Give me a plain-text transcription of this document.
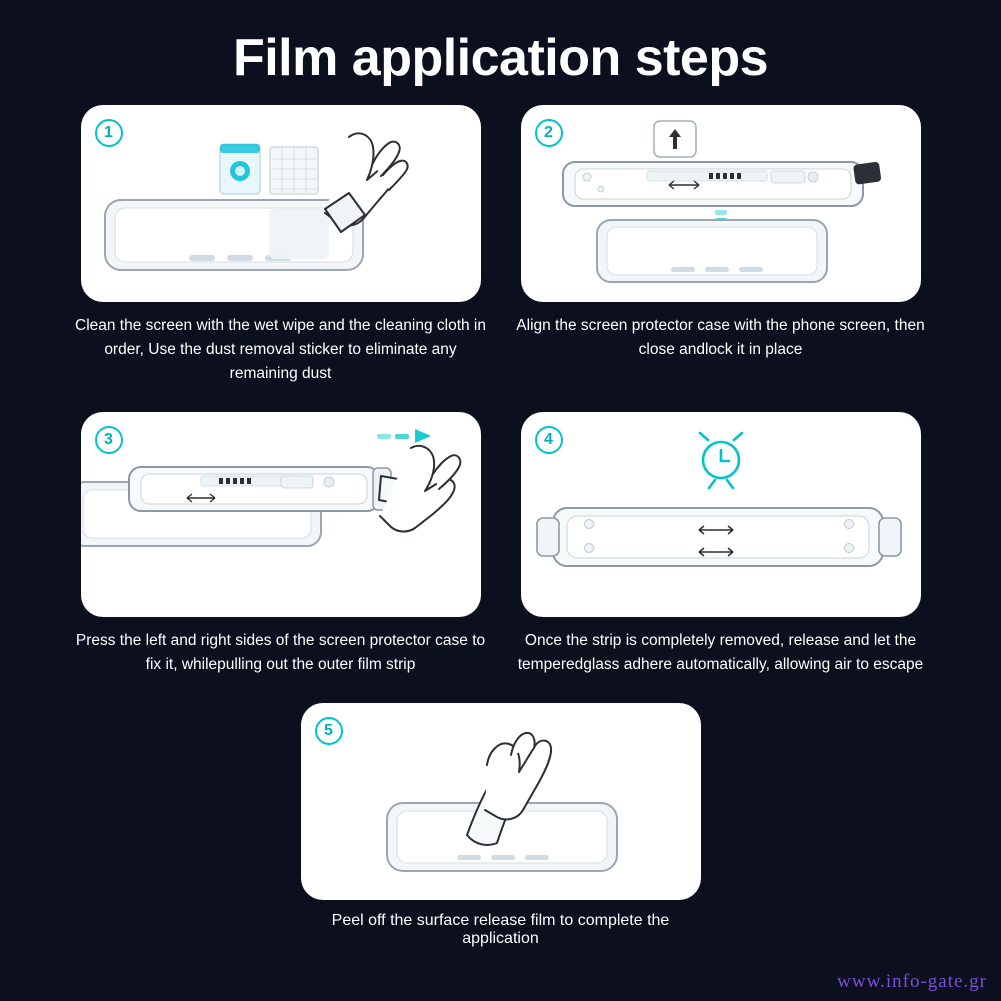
Film application steps
1
Clean the screen with the wet wipe and the cleaning cloth in order, Use the dust removal sticker to eliminate any remaining dust
2
Align the screen protector case with the phone screen, then close andlock it in place
3
Press the left and right sides of the screen protector case to fix it, whilepulling out the outer film strip
4
Once the strip is completely removed, release and let the temperedglass adhere automatically, allowing air to escape
5
Peel off the surface release film to complete the application
www.info-gate.gr
